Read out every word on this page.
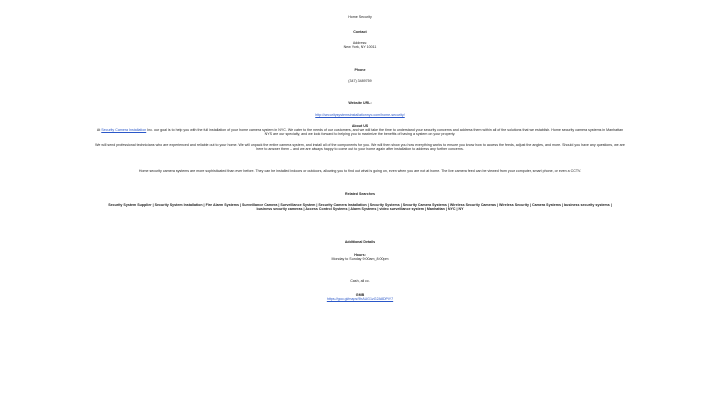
Home Security
Contact
Address:
New York, NY 10011
Phone
(347) 3489759
Website URL:
http://securitysystemsinstallationnyc.com/home-security/
About US
At Security Camera Installation Inc. our goal is to help you with the full installation of your home camera system in NYC. We cater to the needs of our customers, and we will take the time to understand your security concerns and address them within all of the solutions that we establish. Home security camera systems in Manhattan NYS are our specialty, and we look forward to helping you to maximize the benefits of having a system on your property.
We will send professional technicians who are experienced and reliable out to your home. We will unpack the entire camera system, and install all of the components for you. We will then show you how everything works to ensure you know how to access the feeds, adjust the angles, and more. Should you have any questions, we are here to answer them – and we are always happy to come out to your home again after installation to address any further concerns.
Home security camera systems are more sophisticated than ever before. They can be installed indoors or outdoors, allowing you to find out what is going on, even when you are not at home. The live camera feed can be viewed from your computer, smart phone, or even a CCTV.
Related Searches
Security System Supplier | Security System Installation | Fire Alarm Systems | Surveillance Camera | Surveillance System | Security Camera Installation | Security Systems | Security Camera Systems | Wireless Security Cameras | Wireless Security | Camera Systems | business security systems | business security cameras | Access Control Systems | Alarm Systems | video surveillance system | Manhattan | NYC | NY
Additional Details
Hours:
Monday to Sunday 9:00am_8:00pm
Cash, all cc.
GMB
https://goo.gl/maps/9hAUG1zG2A8DPiY7
